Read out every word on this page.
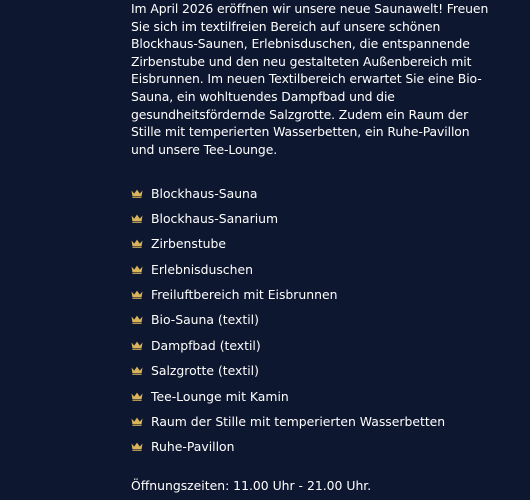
Im April 2026 eröffnen wir unsere neue Saunawelt! Freuen Sie sich im textilfreien Bereich auf unsere schönen Blockhaus-Saunen, Erlebnisduschen, die entspannende Zirbenstube und den neu gestalteten Außenbereich mit Eisbrunnen. Im neuen Textilbereich erwartet Sie eine Bio-Sauna, ein wohltuendes Dampfbad und die gesundheitsfördernde Salzgrotte. Zudem ein Raum der Stille mit temperierten Wasserbetten, ein Ruhe-Pavillon und unsere Tee-Lounge.

Blockhaus-Sauna
Blockhaus-Sanarium
Zirbenstube
Erlebnisduschen
Freiluftbereich mit Eisbrunnen
Bio-Sauna (textil)
Dampfbad (textil)
Salzgrotte (textil)
Tee-Lounge mit Kamin
Raum der Stille mit temperierten Wasserbetten
Ruhe-Pavillon

Öffnungszeiten: 11.00 Uhr - 21.00 Uhr.
